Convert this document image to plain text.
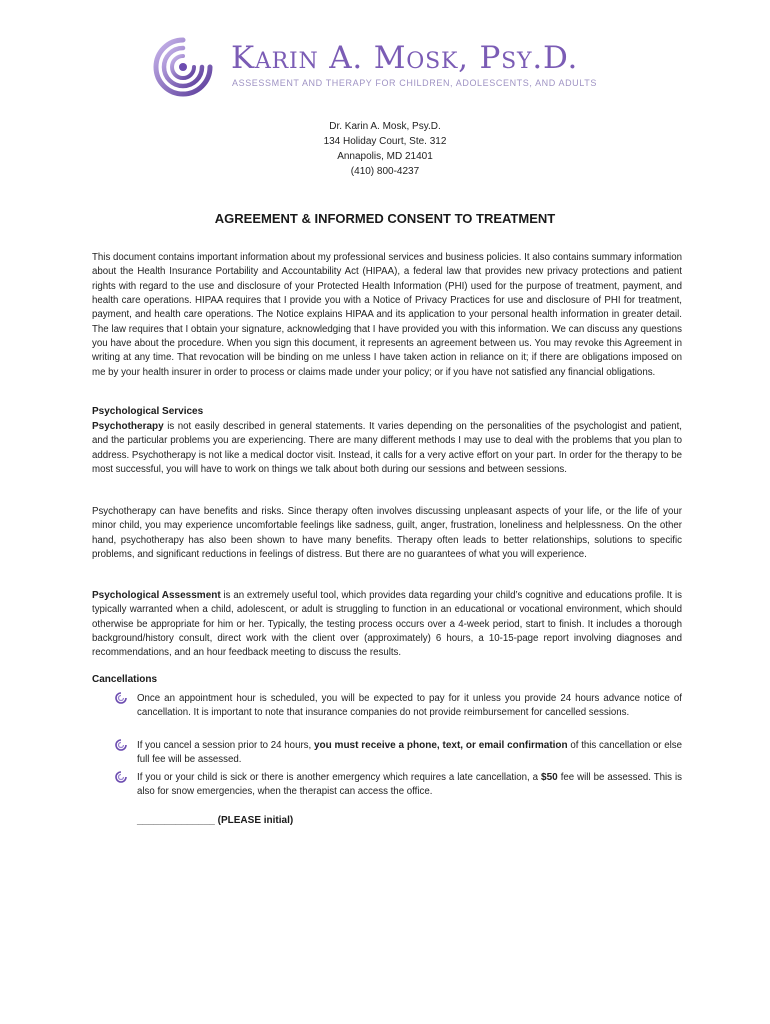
Karin A. Mosk, Psy.D.
ASSESSMENT AND THERAPY FOR CHILDREN, ADOLESCENTS, AND ADULTS
Dr. Karin A. Mosk, Psy.D.
134 Holiday Court, Ste. 312
Annapolis, MD 21401
(410) 800-4237
AGREEMENT & INFORMED CONSENT TO TREATMENT
This document contains important information about my professional services and business policies. It also contains summary information about the Health Insurance Portability and Accountability Act (HIPAA), a federal law that provides new privacy protections and patient rights with regard to the use and disclosure of your Protected Health Information (PHI) used for the purpose of treatment, payment, and health care operations. HIPAA requires that I provide you with a Notice of Privacy Practices for use and disclosure of PHI for treatment, payment, and health care operations. The Notice explains HIPAA and its application to your personal health information in greater detail. The law requires that I obtain your signature, acknowledging that I have provided you with this information. We can discuss any questions you have about the procedure. When you sign this document, it represents an agreement between us. You may revoke this Agreement in writing at any time. That revocation will be binding on me unless I have taken action in reliance on it; if there are obligations imposed on me by your health insurer in order to process or claims made under your policy; or if you have not satisfied any financial obligations.
Psychological Services
Psychotherapy is not easily described in general statements. It varies depending on the personalities of the psychologist and patient, and the particular problems you are experiencing. There are many different methods I may use to deal with the problems that you plan to address. Psychotherapy is not like a medical doctor visit. Instead, it calls for a very active effort on your part. In order for the therapy to be most successful, you will have to work on things we talk about both during our sessions and between sessions.
Psychotherapy can have benefits and risks. Since therapy often involves discussing unpleasant aspects of your life, or the life of your minor child, you may experience uncomfortable feelings like sadness, guilt, anger, frustration, loneliness and helplessness. On the other hand, psychotherapy has also been shown to have many benefits. Therapy often leads to better relationships, solutions to specific problems, and significant reductions in feelings of distress. But there are no guarantees of what you will experience.
Psychological Assessment is an extremely useful tool, which provides data regarding your child’s cognitive and educations profile. It is typically warranted when a child, adolescent, or adult is struggling to function in an educational or vocational environment, which should otherwise be appropriate for him or her. Typically, the testing process occurs over a 4-week period, start to finish. It includes a thorough background/history consult, direct work with the client over (approximately) 6 hours, a 10-15-page report involving diagnoses and recommendations, and an hour feedback meeting to discuss the results.
Cancellations
Once an appointment hour is scheduled, you will be expected to pay for it unless you provide 24 hours advance notice of cancellation. It is important to note that insurance companies do not provide reimbursement for cancelled sessions.
If you cancel a session prior to 24 hours, you must receive a phone, text, or email confirmation of this cancellation or else full fee will be assessed.
If you or your child is sick or there is another emergency which requires a late cancellation, a $50 fee will be assessed. This is also for snow emergencies, when the therapist can access the office.
______________ (PLEASE initial)
